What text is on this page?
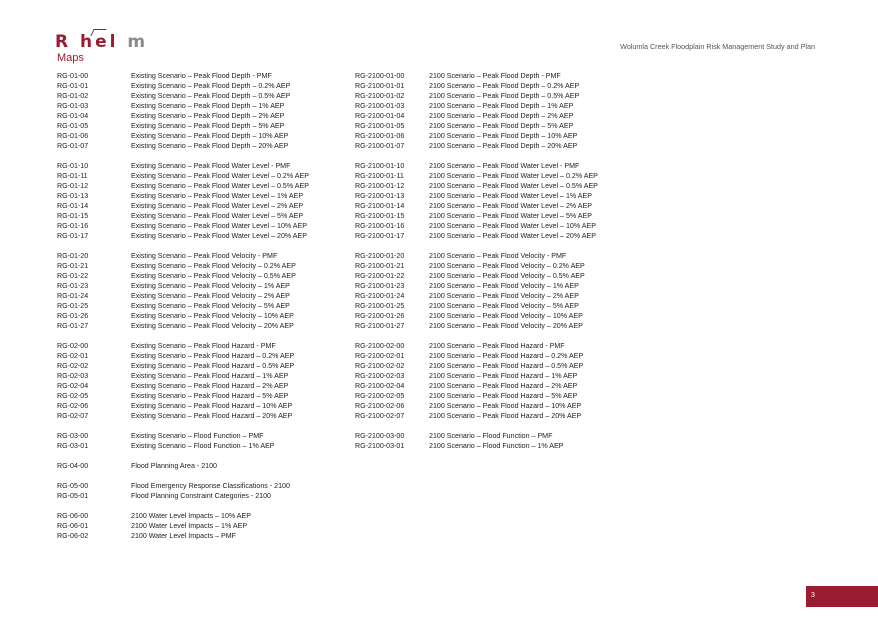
R h
el m
Maps
Wolumla Creek Floodplain Risk Management Study and Plan
RG-01-00	Existing Scenario – Peak Flood Depth - PMF	RG-2100-01-00	2100 Scenario – Peak Flood Depth - PMF
RG-01-01	Existing Scenario – Peak Flood Depth – 0.2% AEP	RG-2100-01-01	2100 Scenario – Peak Flood Depth – 0.2% AEP
RG-01-02	Existing Scenario – Peak Flood Depth – 0.5% AEP	RG-2100-01-02	2100 Scenario – Peak Flood Depth – 0.5% AEP
RG-01-03	Existing Scenario – Peak Flood Depth – 1% AEP	RG-2100-01-03	2100 Scenario – Peak Flood Depth – 1% AEP
RG-01-04	Existing Scenario – Peak Flood Depth – 2% AEP	RG-2100-01-04	2100 Scenario – Peak Flood Depth – 2% AEP
RG-01-05	Existing Scenario – Peak Flood Depth – 5% AEP	RG-2100-01-05	2100 Scenario – Peak Flood Depth – 5% AEP
RG-01-06	Existing Scenario – Peak Flood Depth – 10% AEP	RG-2100-01-06	2100 Scenario – Peak Flood Depth – 10% AEP
RG-01-07	Existing Scenario – Peak Flood Depth – 20% AEP	RG-2100-01-07	2100 Scenario – Peak Flood Depth – 20% AEP
RG-01-10	Existing Scenario – Peak Flood Water Level - PMF	RG-2100-01-10	2100 Scenario – Peak Flood Water Level - PMF
RG-01-11	Existing Scenario – Peak Flood Water Level – 0.2% AEP	RG-2100-01-11	2100 Scenario – Peak Flood Water Level – 0.2% AEP
RG-01-12	Existing Scenario – Peak Flood Water Level – 0.5% AEP	RG-2100-01-12	2100 Scenario – Peak Flood Water Level – 0.5% AEP
RG-01-13	Existing Scenario – Peak Flood Water Level – 1% AEP	RG-2100-01-13	2100 Scenario – Peak Flood Water Level – 1% AEP
RG-01-14	Existing Scenario – Peak Flood Water Level – 2% AEP	RG-2100-01-14	2100 Scenario – Peak Flood Water Level – 2% AEP
RG-01-15	Existing Scenario – Peak Flood Water Level – 5% AEP	RG-2100-01-15	2100 Scenario – Peak Flood Water Level – 5% AEP
RG-01-16	Existing Scenario – Peak Flood Water Level – 10% AEP	RG-2100-01-16	2100 Scenario – Peak Flood Water Level – 10% AEP
RG-01-17	Existing Scenario – Peak Flood Water Level – 20% AEP	RG-2100-01-17	2100 Scenario – Peak Flood Water Level – 20% AEP
RG-01-20	Existing Scenario – Peak Flood Velocity - PMF	RG-2100-01-20	2100 Scenario – Peak Flood Velocity - PMF
RG-01-21	Existing Scenario – Peak Flood Velocity – 0.2% AEP	RG-2100-01-21	2100 Scenario – Peak Flood Velocity – 0.2% AEP
RG-01-22	Existing Scenario – Peak Flood Velocity – 0.5% AEP	RG-2100-01-22	2100 Scenario – Peak Flood Velocity – 0.5% AEP
RG-01-23	Existing Scenario – Peak Flood Velocity – 1% AEP	RG-2100-01-23	2100 Scenario – Peak Flood Velocity – 1% AEP
RG-01-24	Existing Scenario – Peak Flood Velocity – 2% AEP	RG-2100-01-24	2100 Scenario – Peak Flood Velocity – 2% AEP
RG-01-25	Existing Scenario – Peak Flood Velocity – 5% AEP	RG-2100-01-25	2100 Scenario – Peak Flood Velocity – 5% AEP
RG-01-26	Existing Scenario – Peak Flood Velocity – 10% AEP	RG-2100-01-26	2100 Scenario – Peak Flood Velocity – 10% AEP
RG-01-27	Existing Scenario – Peak Flood Velocity – 20% AEP	RG-2100-01-27	2100 Scenario – Peak Flood Velocity – 20% AEP
RG-02-00	Existing Scenario – Peak Flood Hazard - PMF	RG-2100-02-00	2100 Scenario – Peak Flood Hazard - PMF
RG-02-01	Existing Scenario – Peak Flood Hazard – 0.2% AEP	RG-2100-02-01	2100 Scenario – Peak Flood Hazard – 0.2% AEP
RG-02-02	Existing Scenario – Peak Flood Hazard – 0.5% AEP	RG-2100-02-02	2100 Scenario – Peak Flood Hazard – 0.5% AEP
RG-02-03	Existing Scenario – Peak Flood Hazard – 1% AEP	RG-2100-02-03	2100 Scenario – Peak Flood Hazard – 1% AEP
RG-02-04	Existing Scenario – Peak Flood Hazard – 2% AEP	RG-2100-02-04	2100 Scenario – Peak Flood Hazard – 2% AEP
RG-02-05	Existing Scenario – Peak Flood Hazard – 5% AEP	RG-2100-02-05	2100 Scenario – Peak Flood Hazard – 5% AEP
RG-02-06	Existing Scenario – Peak Flood Hazard – 10% AEP	RG-2100-02-06	2100 Scenario – Peak Flood Hazard – 10% AEP
RG-02-07	Existing Scenario – Peak Flood Hazard – 20% AEP	RG-2100-02-07	2100 Scenario – Peak Flood Hazard – 20% AEP
RG-03-00	Existing Scenario – Flood Function – PMF	RG-2100-03-00	2100 Scenario – Flood Function – PMF
RG-03-01	Existing Scenario – Flood Function – 1% AEP	RG-2100-03-01	2100 Scenario – Flood Function – 1% AEP
RG-04-00	Flood Planning Area - 2100
RG-05-00	Flood Emergency Response Classifications - 2100
RG-05-01	Flood Planning Constraint Categories - 2100
RG-06-00	2100 Water Level Impacts – 10% AEP
RG-06-01	2100 Water Level Impacts – 1% AEP
RG-06-02	2100 Water Level Impacts – PMF
3
